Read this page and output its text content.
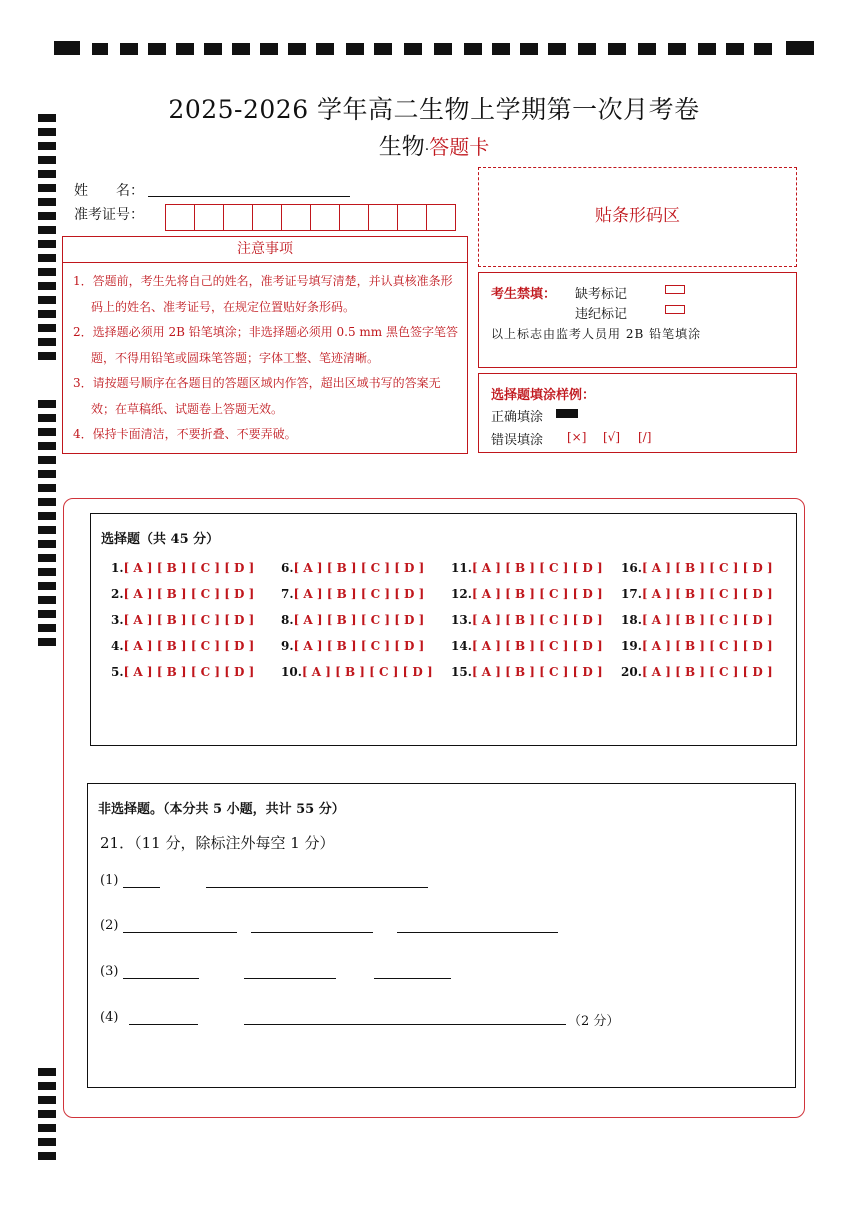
2025-2026 学年高二生物上学期第一次月考卷
生物·答题卡
姓　　名：
准考证号：
注意事项
1．答题前，考生先将自己的姓名，准考证号填写清楚，并认真核准条形码上的姓名、准考证号，在规定位置贴好条形码。
2．选择题必须用 2B 铅笔填涂；非选择题必须用 0.5 mm 黑色签字笔答题，不得用铅笔或圆珠笔答题；字体工整、笔迹清晰。
3．请按题号顺序在各题目的答题区域内作答，超出区域书写的答案无效；在草稿纸、试题卷上答题无效。
4．保持卡面清洁，不要折叠、不要弄破。
贴条形码区
考生禁填： 缺考标记
违纪标记
以上标志由监考人员用 2B 铅笔填涂
选择题填涂样例：
正确填涂
错误填涂 [×] [√] [/]
选择题（共 45 分）
1.[ A ] [ B ] [ C ] [ D ]
2.[ A ] [ B ] [ C ] [ D ]
3.[ A ] [ B ] [ C ] [ D ]
4.[ A ] [ B ] [ C ] [ D ]
5.[ A ] [ B ] [ C ] [ D ]
6.[ A ] [ B ] [ C ] [ D ]
7.[ A ] [ B ] [ C ] [ D ]
8.[ A ] [ B ] [ C ] [ D ]
9.[ A ] [ B ] [ C ] [ D ]
10.[ A ] [ B ] [ C ] [ D ]
11.[ A ] [ B ] [ C ] [ D ]
12.[ A ] [ B ] [ C ] [ D ]
13.[ A ] [ B ] [ C ] [ D ]
14.[ A ] [ B ] [ C ] [ D ]
15.[ A ] [ B ] [ C ] [ D ]
16.[ A ] [ B ] [ C ] [ D ]
17.[ A ] [ B ] [ C ] [ D ]
18.[ A ] [ B ] [ C ] [ D ]
19.[ A ] [ B ] [ C ] [ D ]
20.[ A ] [ B ] [ C ] [ D ]
非选择题。（本分共 5 小题，共计 55 分）
21．（11 分，除标注外每空 1 分）
(1)
(2)
(3)
(4)	（2 分）
